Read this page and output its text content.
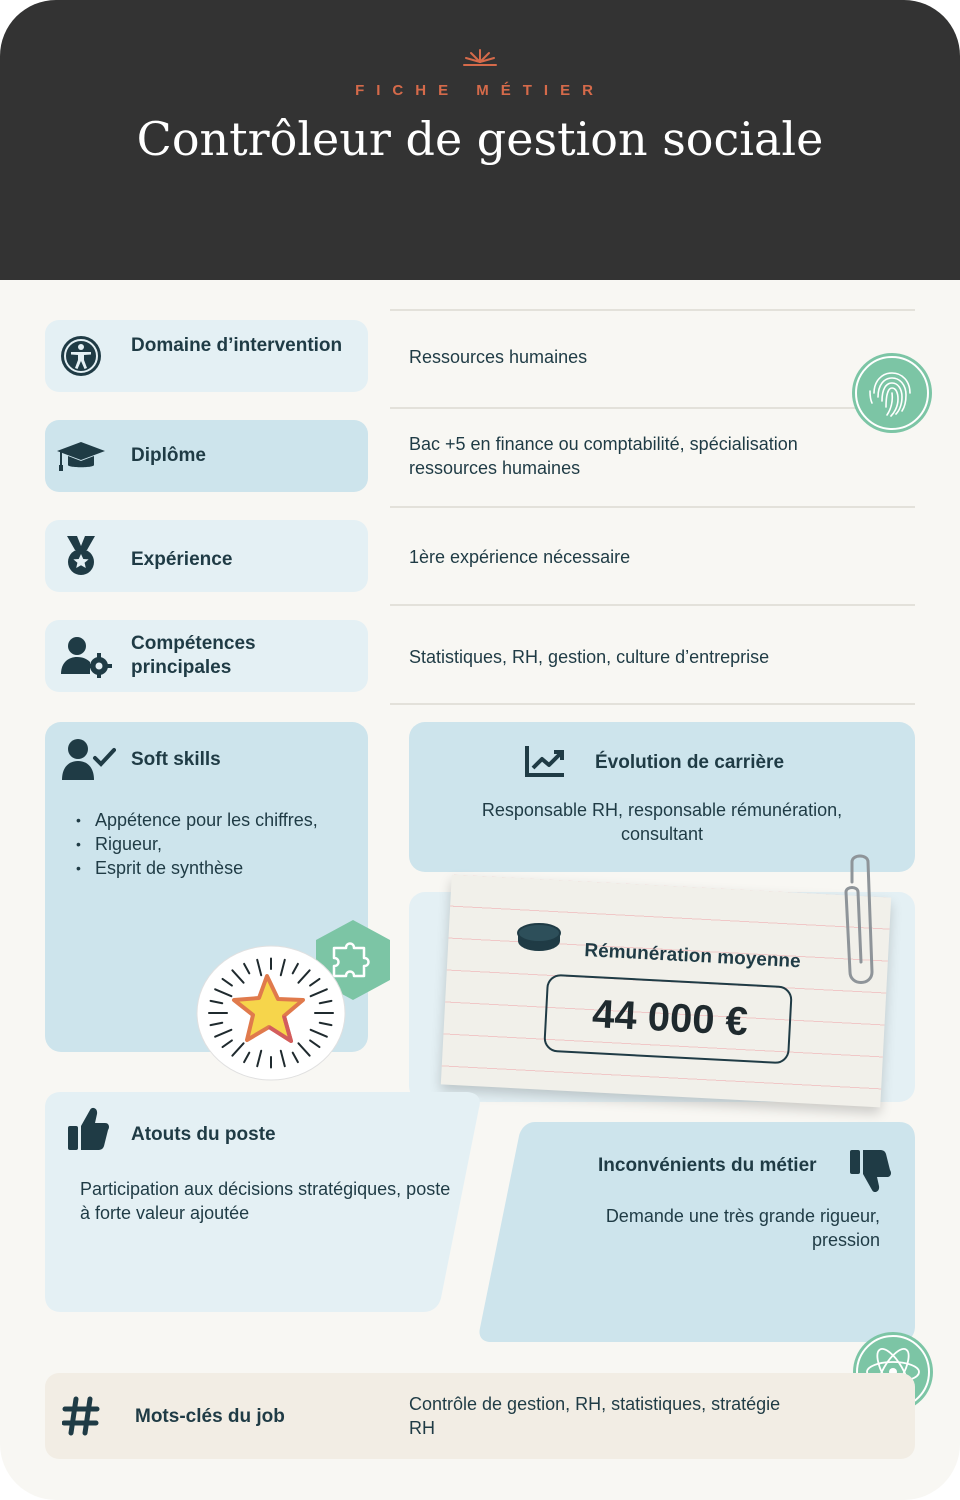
FICHE MÉTIER
Contrôleur de gestion sociale
Domaine d’intervention
Ressources humaines
Diplôme
Bac +5 en finance ou comptabilité, spécialisation ressources humaines
Expérience	1ère expérience nécessaire
Compétences principales	Statistiques, RH, gestion, culture d’entreprise
Soft skills
• Appétence pour les chiffres,
• Rigueur,
• Esprit de synthèse
Évolution de carrière
Responsable RH, responsable rémunération, consultant
Rémunération moyenne
44 000 €
Atouts du poste
Participation aux décisions stratégiques, poste à forte valeur ajoutée
Inconvénients du métier
Demande une très grande rigueur, pression
Mots-clés du job
Contrôle de gestion, RH, statistiques, stratégie RH
